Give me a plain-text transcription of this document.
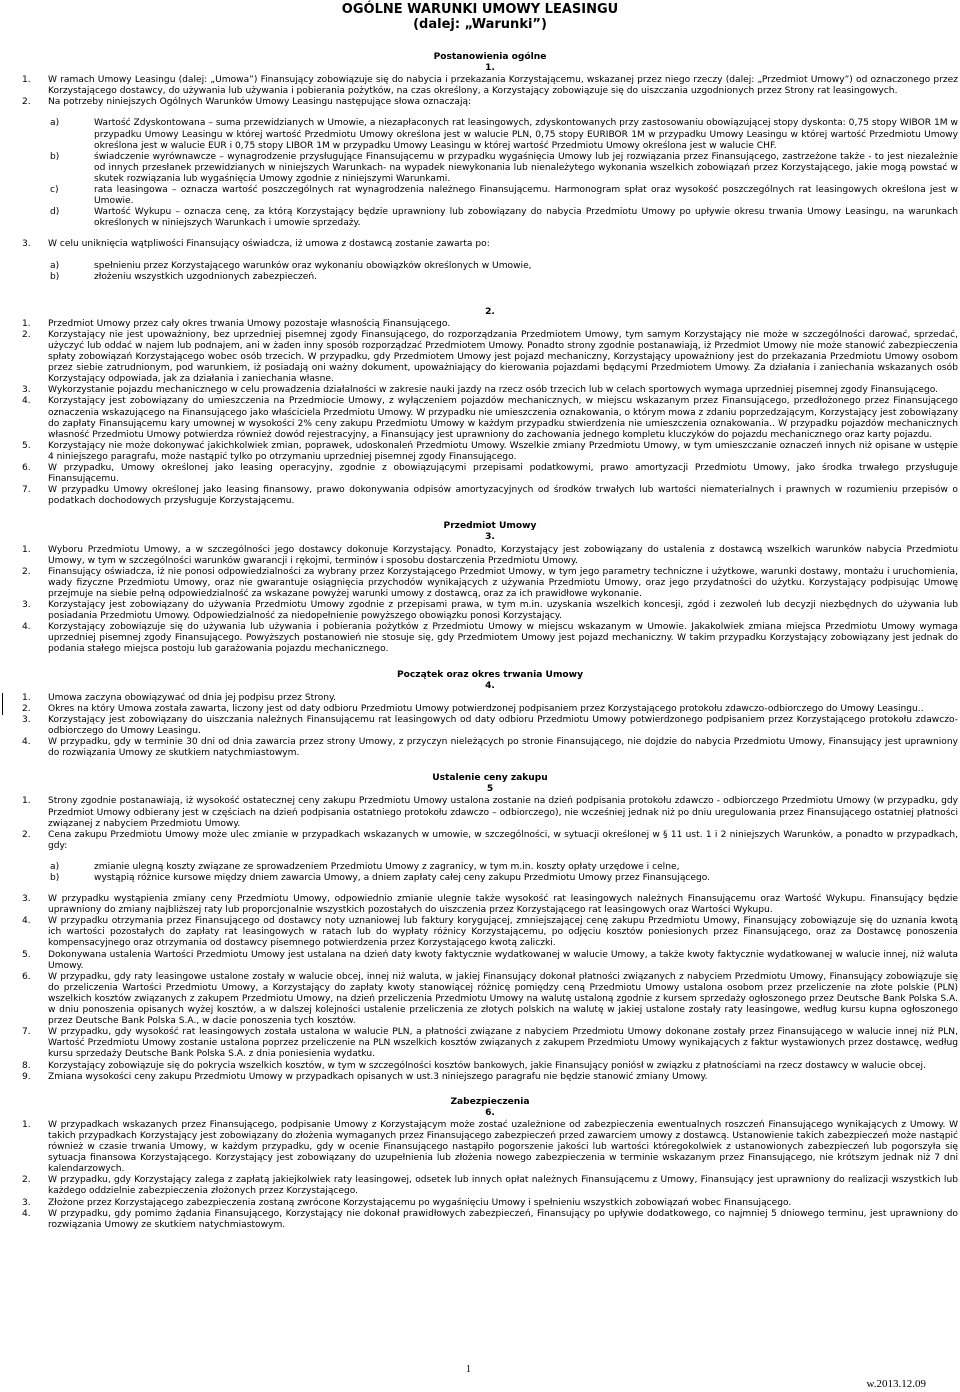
OGÓLNE WARUNKI UMOWY LEASINGU
(dalej: „Warunki”)
Postanowienia ogólne
1.
1.	W ramach Umowy Leasingu (dalej: „Umowa”) Finansujący zobowiązuje się do nabycia i przekazania Korzystającemu, wskazanej przez niego rzeczy (dalej: „Przedmiot Umowy”) od oznaczonego przez Korzystającego dostawcy, do używania lub używania i pobierania pożytków, na czas określony, a Korzystający zobowiązuje się do uiszczania uzgodnionych przez Strony rat leasingowych.
2.	Na potrzeby niniejszych Ogólnych Warunków Umowy Leasingu następujące słowa oznaczają:
a)	Wartość Zdyskontowana – suma przewidzianych w Umowie, a niezapłaconych rat leasingowych, zdyskontowanych przy zastosowaniu obowiązującej stopy dyskonta: 0,75 stopy WIBOR 1M w przypadku Umowy Leasingu w której wartość Przedmiotu Umowy określona jest w walucie PLN, 0,75 stopy EURIBOR 1M w przypadku Umowy Leasingu w której wartość Przedmiotu Umowy określona jest w walucie EUR i 0,75 stopy LIBOR 1M w przypadku Umowy Leasingu w której wartość Przedmiotu Umowy określona jest w walucie CHF.
b)	świadczenie wyrównawcze – wynagrodzenie przysługujące Finansującemu w przypadku wygaśnięcia Umowy lub jej rozwiązania przez Finansującego, zastrzeżone także - to jest niezależnie od innych przesłanek przewidzianych w niniejszych Warunkach- na wypadek niewykonania lub nienależytego wykonania wszelkich zobowiązań przez Korzystającego, jakie mogą powstać w skutek rozwiązania lub wygaśnięcia Umowy zgodnie z niniejszymi Warunkami.
c)	rata leasingowa – oznacza wartość poszczególnych rat wynagrodzenia należnego Finansującemu. Harmonogram spłat oraz wysokość poszczególnych rat leasingowych określona jest w Umowie.
d)	Wartość Wykupu – oznacza cenę, za którą Korzystający będzie uprawniony lub zobowiązany do nabycia Przedmiotu Umowy po upływie okresu trwania Umowy Leasingu, na warunkach określonych w niniejszych Warunkach i umowie sprzedaży.
3.	W celu uniknięcia wątpliwości Finansujący oświadcza, iż umowa z dostawcą zostanie zawarta po:
a)	spełnieniu przez Korzystającego warunków oraz wykonaniu obowiązków określonych w Umowie,
b)	złożeniu wszystkich uzgodnionych zabezpieczeń.
2.
1.	Przedmiot Umowy przez cały okres trwania Umowy pozostaje własnością Finansującego.
2.	Korzystający nie jest upoważniony, bez uprzedniej pisemnej zgody Finansującego, do rozporządzania Przedmiotem Umowy, tym samym Korzystający nie może w szczególności darować, sprzedać, użyczyć lub oddać w najem lub podnajem, ani w żaden inny sposób rozporządzać Przedmiotem Umowy. Ponadto strony zgodnie postanawiają, iż Przedmiot Umowy nie może stanowić zabezpieczenia spłaty zobowiązań Korzystającego wobec osób trzecich. W przypadku, gdy Przedmiotem Umowy jest pojazd mechaniczny, Korzystający upoważniony jest do przekazania Przedmiotu Umowy osobom przez siebie zatrudnionym, pod warunkiem, iż posiadają oni ważny dokument, upoważniający do kierowania pojazdami będącymi Przedmiotem Umowy. Za działania i zaniechania wskazanych osób Korzystający odpowiada, jak za działania i zaniechania własne.
3.	Wykorzystanie pojazdu mechanicznego w celu prowadzenia działalności w zakresie nauki jazdy na rzecz osób trzecich lub w celach sportowych wymaga uprzedniej pisemnej zgody Finansującego.
4.	Korzystający jest zobowiązany do umieszczenia na Przedmiocie Umowy, z wyłączeniem pojazdów mechanicznych, w miejscu wskazanym przez Finansującego, przedłożonego przez Finansującego oznaczenia wskazującego na Finansującego jako właściciela Przedmiotu Umowy. W przypadku nie umieszczenia oznakowania, o którym mowa z zdaniu poprzedzającym, Korzystający jest zobowiązany do zapłaty Finansującemu kary umownej w wysokości 2% ceny zakupu Przedmiotu Umowy w każdym przypadku stwierdzenia nie umieszczenia oznakowania.. W przypadku pojazdów mechanicznych własność Przedmiotu Umowy potwierdza również dowód rejestracyjny, a Finansujący jest uprawniony do zachowania jednego kompletu kluczyków do pojazdu mechanicznego oraz karty pojazdu.
5.	Korzystający nie może dokonywać jakichkolwiek zmian, poprawek, udoskonaleń Przedmiotu Umowy. Wszelkie zmiany Przedmiotu Umowy, w tym umieszczanie oznaczeń innych niż opisane w ustępie 4 niniejszego paragrafu, może nastąpić tylko po otrzymaniu uprzedniej pisemnej zgody Finansującego.
6.	W przypadku, Umowy określonej jako leasing operacyjny, zgodnie z obowiązującymi przepisami podatkowymi, prawo amortyzacji Przedmiotu Umowy, jako środka trwałego przysługuje Finansującemu.
7.	W przypadku Umowy określonej jako leasing finansowy, prawo dokonywania odpisów amortyzacyjnych od środków trwałych lub wartości niematerialnych i prawnych w rozumieniu przepisów o podatkach dochodowych przysługuje Korzystającemu.
Przedmiot Umowy
3.
1.	Wyboru Przedmiotu Umowy, a w szczególności jego dostawcy dokonuje Korzystający. Ponadto, Korzystający jest zobowiązany do ustalenia z dostawcą wszelkich warunków nabycia Przedmiotu Umowy, w tym w szczególności warunków gwarancji i rękojmi, terminów i sposobu dostarczenia Przedmiotu Umowy.
2.	Finansujący oświadcza, iż nie ponosi odpowiedzialności za wybrany przez Korzystającego Przedmiot Umowy, w tym jego parametry techniczne i użytkowe, warunki dostawy, montażu i uruchomienia, wady fizyczne Przedmiotu Umowy, oraz nie gwarantuje osiągnięcia przychodów wynikających z używania Przedmiotu Umowy, oraz jego przydatności do użytku. Korzystający podpisując Umowę przejmuje na siebie pełną odpowiedzialność za wskazane powyżej warunki umowy z dostawcą, oraz za ich prawidłowe wykonanie.
3.	Korzystający jest zobowiązany do używania Przedmiotu Umowy zgodnie z przepisami prawa, w tym m.in. uzyskania wszelkich koncesji, zgód i zezwoleń lub decyzji niezbędnych do używania lub posiadania Przedmiotu Umowy. Odpowiedzialność za niedopełnienie powyższego obowiązku ponosi Korzystający.
4.	Korzystający zobowiązuje się do używania lub używania i pobierania pożytków z Przedmiotu Umowy w miejscu wskazanym w Umowie. Jakakolwiek zmiana miejsca Przedmiotu Umowy wymaga uprzedniej pisemnej zgody Finansującego. Powyższych postanowień nie stosuje się, gdy Przedmiotem Umowy jest pojazd mechaniczny. W takim przypadku Korzystający zobowiązany jest jednak do podania stałego miejsca postoju lub garażowania pojazdu mechanicznego.
Początek oraz okres trwania Umowy
4.
1.	Umowa zaczyna obowiązywać od dnia jej podpisu przez Strony.
2.	Okres na który Umowa została zawarta, liczony jest od daty odbioru Przedmiotu Umowy potwierdzonej podpisaniem przez Korzystającego protokołu zdawczo-odbiorczego do Umowy Leasingu..
3.	Korzystający jest zobowiązany do uiszczania należnych Finansującemu rat leasingowych od daty odbioru Przedmiotu Umowy potwierdzonego podpisaniem przez Korzystającego protokołu zdawczo-odbiorczego do Umowy Leasingu.
4.	W przypadku, gdy w terminie 30 dni od dnia zawarcia przez strony Umowy, z przyczyn nieleżących po stronie Finansującego, nie dojdzie do nabycia Przedmiotu Umowy, Finansujący jest uprawniony do rozwiązania Umowy ze skutkiem natychmiastowym.
Ustalenie ceny zakupu
5
1.	Strony zgodnie postanawiają, iż wysokość ostatecznej ceny zakupu Przedmiotu Umowy ustalona zostanie na dzień podpisania protokołu zdawczo - odbiorczego Przedmiotu Umowy (w przypadku, gdy Przedmiot Umowy odbierany jest w częściach na dzień podpisania ostatniego protokołu zdawczo – odbiorczego), nie wcześniej jednak niż po dniu uregulowania przez Finansującego ostatniej płatności związanej z nabyciem Przedmiotu Umowy.
2.	Cena zakupu Przedmiotu Umowy może ulec zmianie w przypadkach wskazanych w umowie, w szczególności, w sytuacji określonej w § 11 ust. 1 i 2 niniejszych Warunków, a ponadto w przypadkach, gdy:
a)	zmianie ulegną koszty związane ze sprowadzeniem Przedmiotu Umowy z zagranicy, w tym m.in. koszty opłaty urzędowe i celne,
b)	wystąpią różnice kursowe między dniem zawarcia Umowy, a dniem zapłaty całej ceny zakupu Przedmiotu Umowy przez Finansującego.
3.	W przypadku wystąpienia zmiany ceny Przedmiotu Umowy, odpowiednio zmianie ulegnie także wysokość rat leasingowych należnych Finansującemu oraz Wartość Wykupu. Finansujący będzie uprawniony do zmiany najbliższej raty lub proporcjonalnie wszystkich pozostałych do uiszczenia przez Korzystającego rat leasingowych oraz Wartości Wykupu.
4.	W przypadku otrzymania przez Finansującego od dostawcy noty uznaniowej lub faktury korygującej, zmniejszającej cenę zakupu Przedmiotu Umowy, Finansujący zobowiązuje się do uznania kwotą ich wartości pozostałych do zapłaty rat leasingowych w ratach lub do wypłaty różnicy Korzystającemu, po odjęciu kosztów poniesionych przez Finansującego, oraz za Dostawcę ponoszenia kompensacyjnego oraz otrzymania od dostawcy pisemnego potwierdzenia przez Korzystającego kwotą zaliczki.
5.	Dokonywana ustalenia Wartości Przedmiotu Umowy jest ustalana na dzień daty kwoty faktycznie wydatkowanej w walucie Umowy, a także kwoty faktycznie wydatkowanej w walucie innej, niż waluta Umowy.
6.	W przypadku, gdy raty leasingowe ustalone zostały w walucie obcej, innej niż waluta, w jakiej Finansujący dokonał płatności związanych z nabyciem Przedmiotu Umowy, Finansujący zobowiązuje się do przeliczenia Wartości Przedmiotu Umowy, a Korzystający do zapłaty kwoty stanowiącej różnicę pomiędzy ceną Przedmiotu Umowy ustalona osobom przez przeliczenie na złote polskie (PLN) wszelkich kosztów związanych z zakupem Przedmiotu Umowy, na dzień przeliczenia Przedmiotu Umowy na walutę ustaloną zgodnie z kursem sprzedaży ogłoszonego przez Deutsche Bank Polska S.A. w dniu ponoszenia opisanych wyżej kosztów, a w dalszej kolejności ustalenie przeliczenia ze złotych polskich na walutę w jakiej ustalone zostały raty leasingowe, według kursu kupna ogłoszonego przez Deutsche Bank Polska S.A., w dacie ponoszenia tych kosztów.
7.	W przypadku, gdy wysokość rat leasingowych została ustalona w walucie PLN, a płatności związane z nabyciem Przedmiotu Umowy dokonane zostały przez Finansującego w walucie innej niż PLN, Wartość Przedmiotu Umowy zostanie ustalona poprzez przeliczenie na PLN wszelkich kosztów związanych z zakupem Przedmiotu Umowy wynikających z faktur wystawionych przez dostawcę, według kursu sprzedaży Deutsche Bank Polska S.A. z dnia poniesienia wydatku.
8.	Korzystający zobowiązuje się do pokrycia wszelkich kosztów, w tym w szczególności kosztów bankowych, jakie Finansujący poniósł w związku z płatnościami na rzecz dostawcy w walucie obcej.
9.	Zmiana wysokości ceny zakupu Przedmiotu Umowy w przypadkach opisanych w ust.3 niniejszego paragrafu nie będzie stanowić zmiany Umowy.
Zabezpieczenia
6.
1.	W przypadkach wskazanych przez Finansującego, podpisanie Umowy z Korzystającym może zostać uzależnione od zabezpieczenia ewentualnych roszczeń Finansującego wynikających z Umowy. W takich przypadkach Korzystający jest zobowiązany do złożenia wymaganych przez Finansującego zabezpieczeń przed zawarciem umowy z dostawcą. Ustanowienie takich zabezpieczeń może nastąpić również w czasie trwania Umowy, w każdym przypadku, gdy w ocenie Finansującego nastąpiło pogorszenie jakości lub wartości któregokolwiek z ustanowionych zabezpieczeń lub pogorszyła się sytuacja finansowa Korzystającego. Korzystający jest zobowiązany do uzupełnienia lub złożenia nowego zabezpieczenia w terminie wskazanym przez Finansującego, nie krótszym jednak niż 7 dni kalendarzowych.
2.	W przypadku, gdy Korzystający zalega z zapłatą jakiejkolwiek raty leasingowej, odsetek lub innych opłat należnych Finansującemu z Umowy, Finansujący jest uprawniony do realizacji wszystkich lub każdego oddzielnie zabezpieczenia złożonych przez Korzystającego.
3.	Złożone przez Korzystającego zabezpieczenia zostaną zwrócone Korzystającemu po wygaśnięciu Umowy i spełnieniu wszystkich zobowiązań wobec Finansującego.
4.	W przypadku, gdy pomimo żądania Finansującego, Korzystający nie dokonał prawidłowych zabezpieczeń, Finansujący po upływie dodatkowego, co najmniej 5 dniowego terminu, jest uprawniony do rozwiązania Umowy ze skutkiem natychmiastowym.
1
w.2013.12.09
